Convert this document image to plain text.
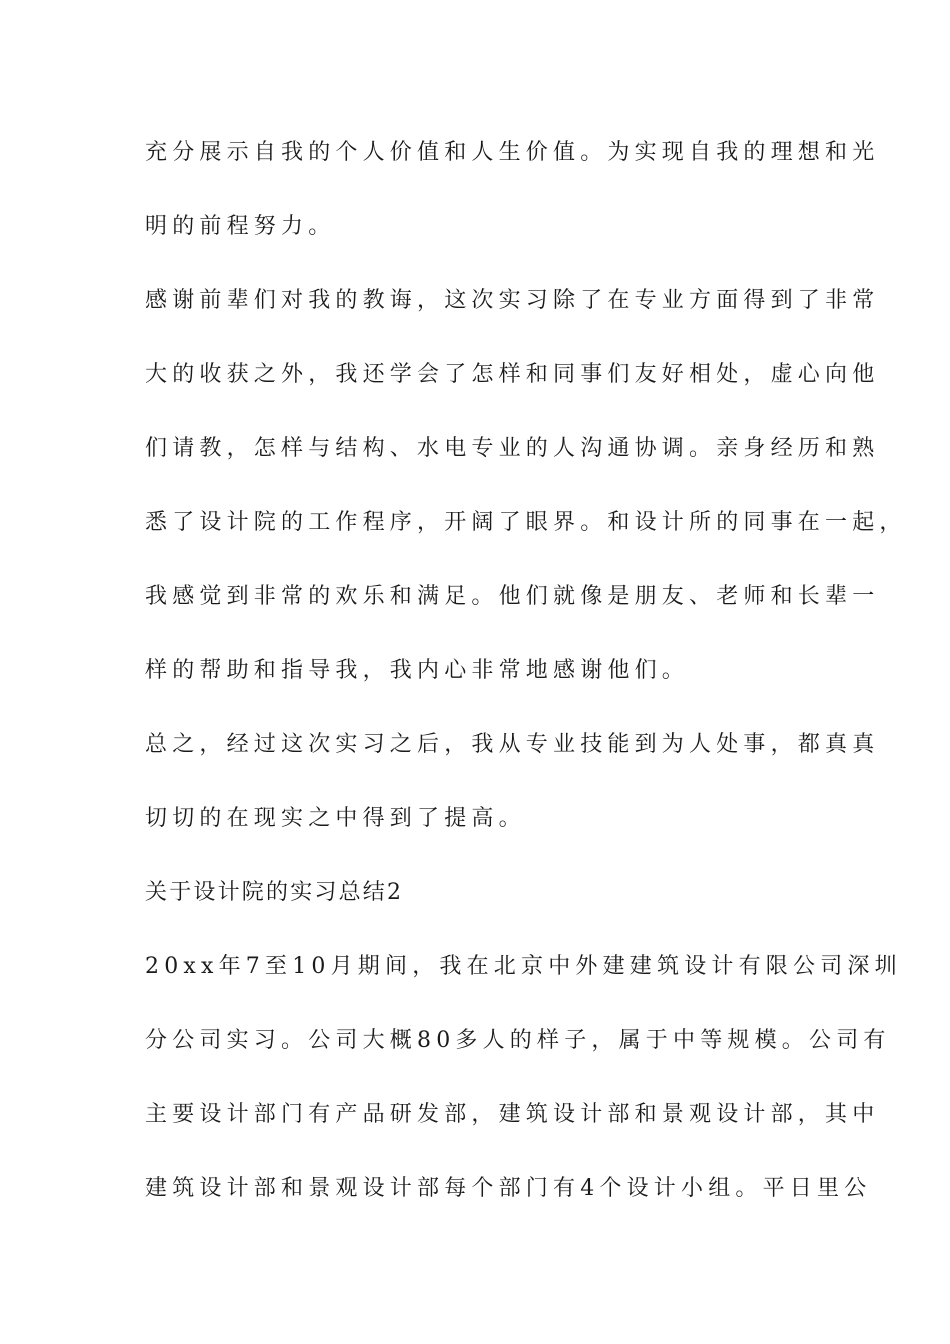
充分展示自我的个人价值和人生价值。为实现自我的理想和光
明的前程努力。
感谢前辈们对我的教诲，这次实习除了在专业方面得到了非常
大的收获之外，我还学会了怎样和同事们友好相处，虚心向他
们请教，怎样与结构、水电专业的人沟通协调。亲身经历和熟
悉了设计院的工作程序，开阔了眼界。和设计所的同事在一起，
我感觉到非常的欢乐和满足。他们就像是朋友、老师和长辈一
样的帮助和指导我，我内心非常地感谢他们。
总之，经过这次实习之后，我从专业技能到为人处事，都真真
切切的在现实之中得到了提高。
关于设计院的实习总结2
20xx年7至10月期间，我在北京中外建建筑设计有限公司深圳
分公司实习。公司大概80多人的样子，属于中等规模。公司有
主要设计部门有产品研发部，建筑设计部和景观设计部，其中
建筑设计部和景观设计部每个部门有4个设计小组。平日里公
